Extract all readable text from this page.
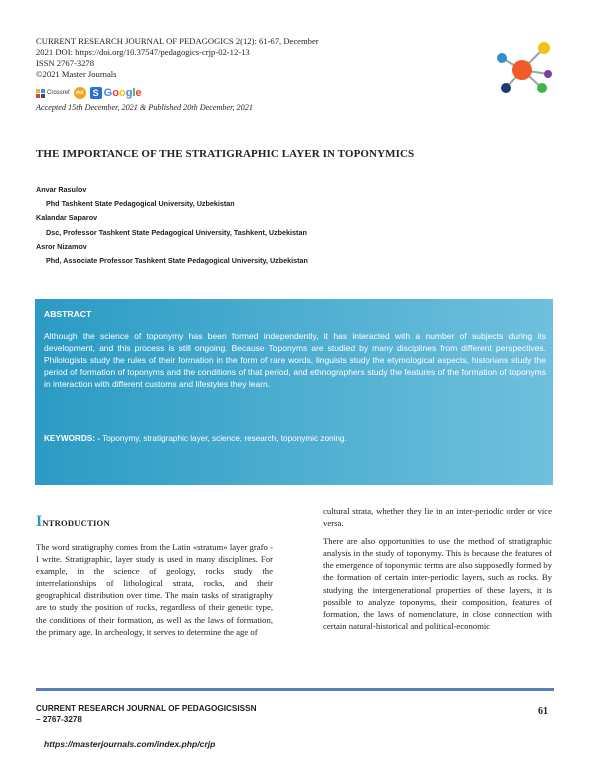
CURRENT RESEARCH JOURNAL OF PEDAGOGICS 2(12): 61-67, December
2021 DOI: https://doi.org/10.37547/pedagogics-crjp-02-12-13
ISSN 2767-3278
©2021 Master Journals
Crossref	doi	S Google
Accepted 15th December, 2021 & Published 20th December, 2021
THE IMPORTANCE OF THE STRATIGRAPHIC LAYER IN TOPONYMICS
Anvar Rasulov
Phd Tashkent State Pedagogical University, Uzbekistan
Kalandar Saparov
Dsc, Professor Tashkent State Pedagogical University, Tashkent, Uzbekistan
Asror Nizamov
Phd, Associate Professor Tashkent State Pedagogical University, Uzbekistan
ABSTRACT
Although the science of toponymy has been formed independently, it has interacted with a number of subjects during its development, and this process is still ongoing. Because Toponyms are studied by many disciplines from different perspectives. Philologists study the rules of their formation in the form of rare words, linguists study the etymological aspects, historians study the period of formation of toponyms and the conditions of that period, and ethnographers study the features of the formation of toponyms in interaction with different customs and lifestyles they learn.
KEYWORDS: - Toponymy, stratigraphic layer, science, research, toponymic zoning.
INTRODUCTION
The word stratigraphy comes from the Latin «stratum» layer grafo - I write. Stratigraphic, layer study is used in many disciplines. For example, in the science of geology, rocks study the interrelationships of lithological strata, rocks, and their geographical distribution over time. The main tasks of stratigraphy are to study the position of rocks, regardless of their genetic type, the conditions of their formation, as well as the laws of formation, the primary age. In archeology, it serves to determine the age of
cultural strata, whether they lie in an inter-periodic order or vice versa.
There are also opportunities to use the method of stratigraphic analysis in the study of toponymy. This is because the features of the emergence of toponymic terms are also supposedly formed by the formation of certain inter-periodic layers, such as rocks. By studying the intergenerational properties of these layers, it is possible to analyze toponyms, their composition, features of formation, the laws of nomenclature, in close connection with certain natural-historical and political-economic
CURRENT RESEARCH JOURNAL OF PEDAGOGICSISSN
– 2767-3278
61
https://masterjournals.com/index.php/crjp
